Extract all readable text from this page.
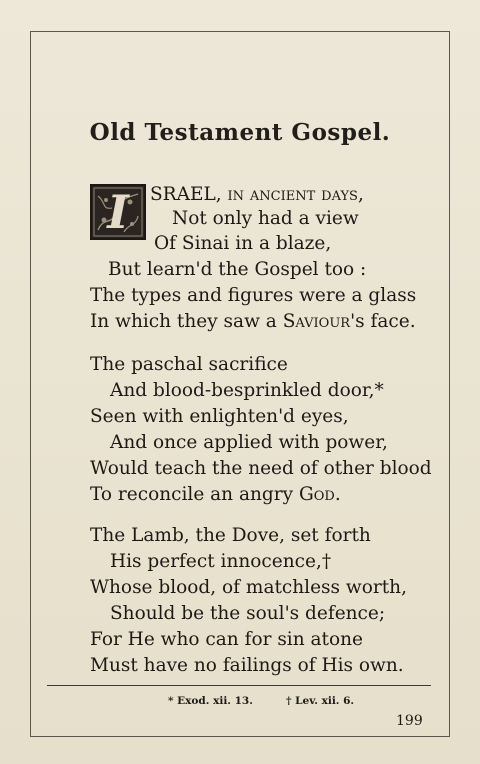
Old Testament Gospel.
I SRAEL, in ancient days,
Not only had a view
Of Sinai in a blaze,
But learn'd the Gospel too :
The types and figures were a glass
In which they saw a Saviour's face.
The paschal sacrifice
And blood-besprinkled door,*
Seen with enlighten'd eyes,
And once applied with power,
Would teach the need of other blood
To reconcile an angry God.
The Lamb, the Dove, set forth
His perfect innocence,†
Whose blood, of matchless worth,
Should be the soul's defence;
For He who can for sin atone
Must have no failings of His own.
* Exod. xii. 13.	† Lev. xii. 6.
199
